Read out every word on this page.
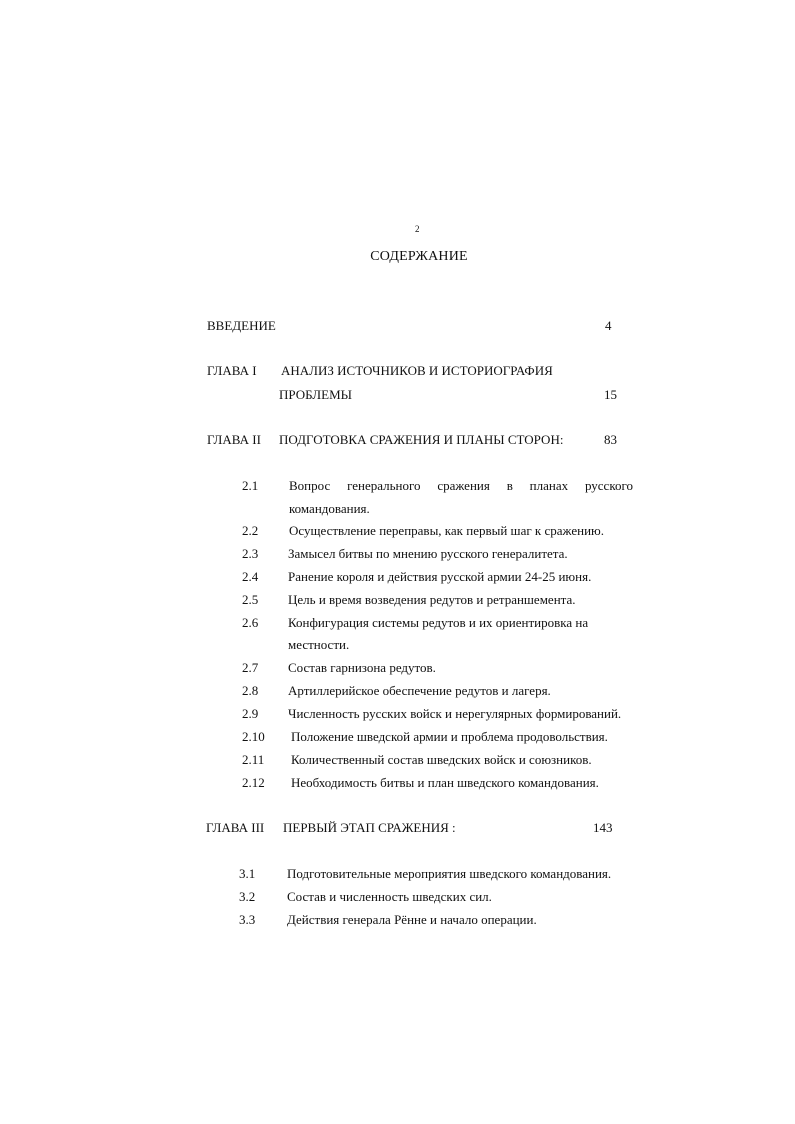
2
СОДЕРЖАНИЕ
ВВЕДЕНИЕ	4
ГЛАВА I АНАЛИЗ ИСТОЧНИКОВ И ИСТОРИОГРАФИЯ
ПРОБЛЕМЫ	15
ГЛАВА II ПОДГОТОВКА СРАЖЕНИЯ И ПЛАНЫ СТОРОН:	83
2.1 Вопрос генерального сражения в планах русского
командования.
2.2 Осуществление переправы, как первый шаг к сражению.
2.3 Замысел битвы по мнению русского генералитета.
2.4 Ранение короля и действия русской армии 24-25 июня.
2.5 Цель и время возведения редутов и ретраншемента.
2.6 Конфигурация системы редутов и их ориентировка на
местности.
2.7 Состав гарнизона редутов.
2.8 Артиллерийское обеспечение редутов и лагеря.
2.9 Численность русских войск и нерегулярных формирований.
2.10 Положение шведской армии и проблема продовольствия.
2.11 Количественный состав шведских войск и союзников.
2.12 Необходимость битвы и план шведского командования.
ГЛАВА III ПЕРВЫЙ ЭТАП СРАЖЕНИЯ :	143
3.1 Подготовительные мероприятия шведского командования.
3.2 Состав и численность шведских сил.
3.3 Действия генерала Рённе и начало операции.
